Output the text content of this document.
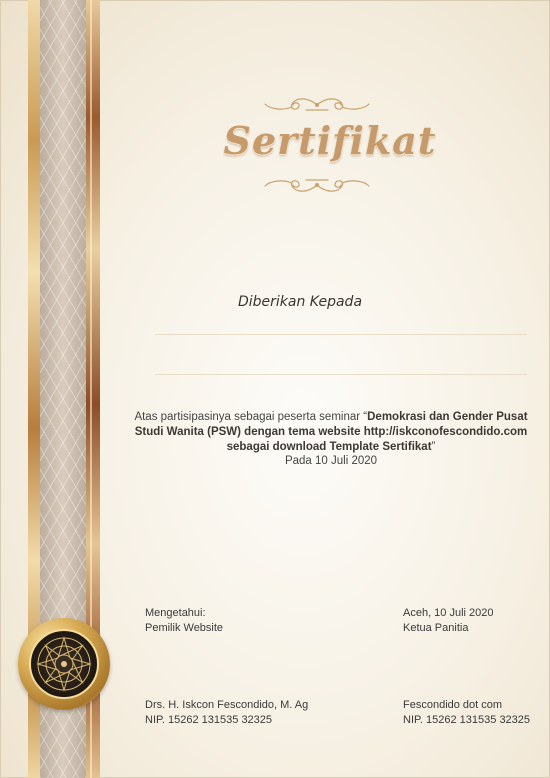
Sertifikat

Diberikan Kepada

Atas partisipasinya sebagai peserta seminar “Demokrasi dan Gender Pusat Studi Wanita (PSW) dengan tema website http://iskconofescondido.com sebagai download Template Sertifikat”

Pada 10 Juli 2020

Mengetahui:
Pemilik Website
Aceh, 10 Juli 2020
Ketua Panitia
Drs. H. Iskcon Fescondido, M. Ag
NIP. 15262 131535 32325
Fescondido dot com
NIP. 15262 131535 32325
